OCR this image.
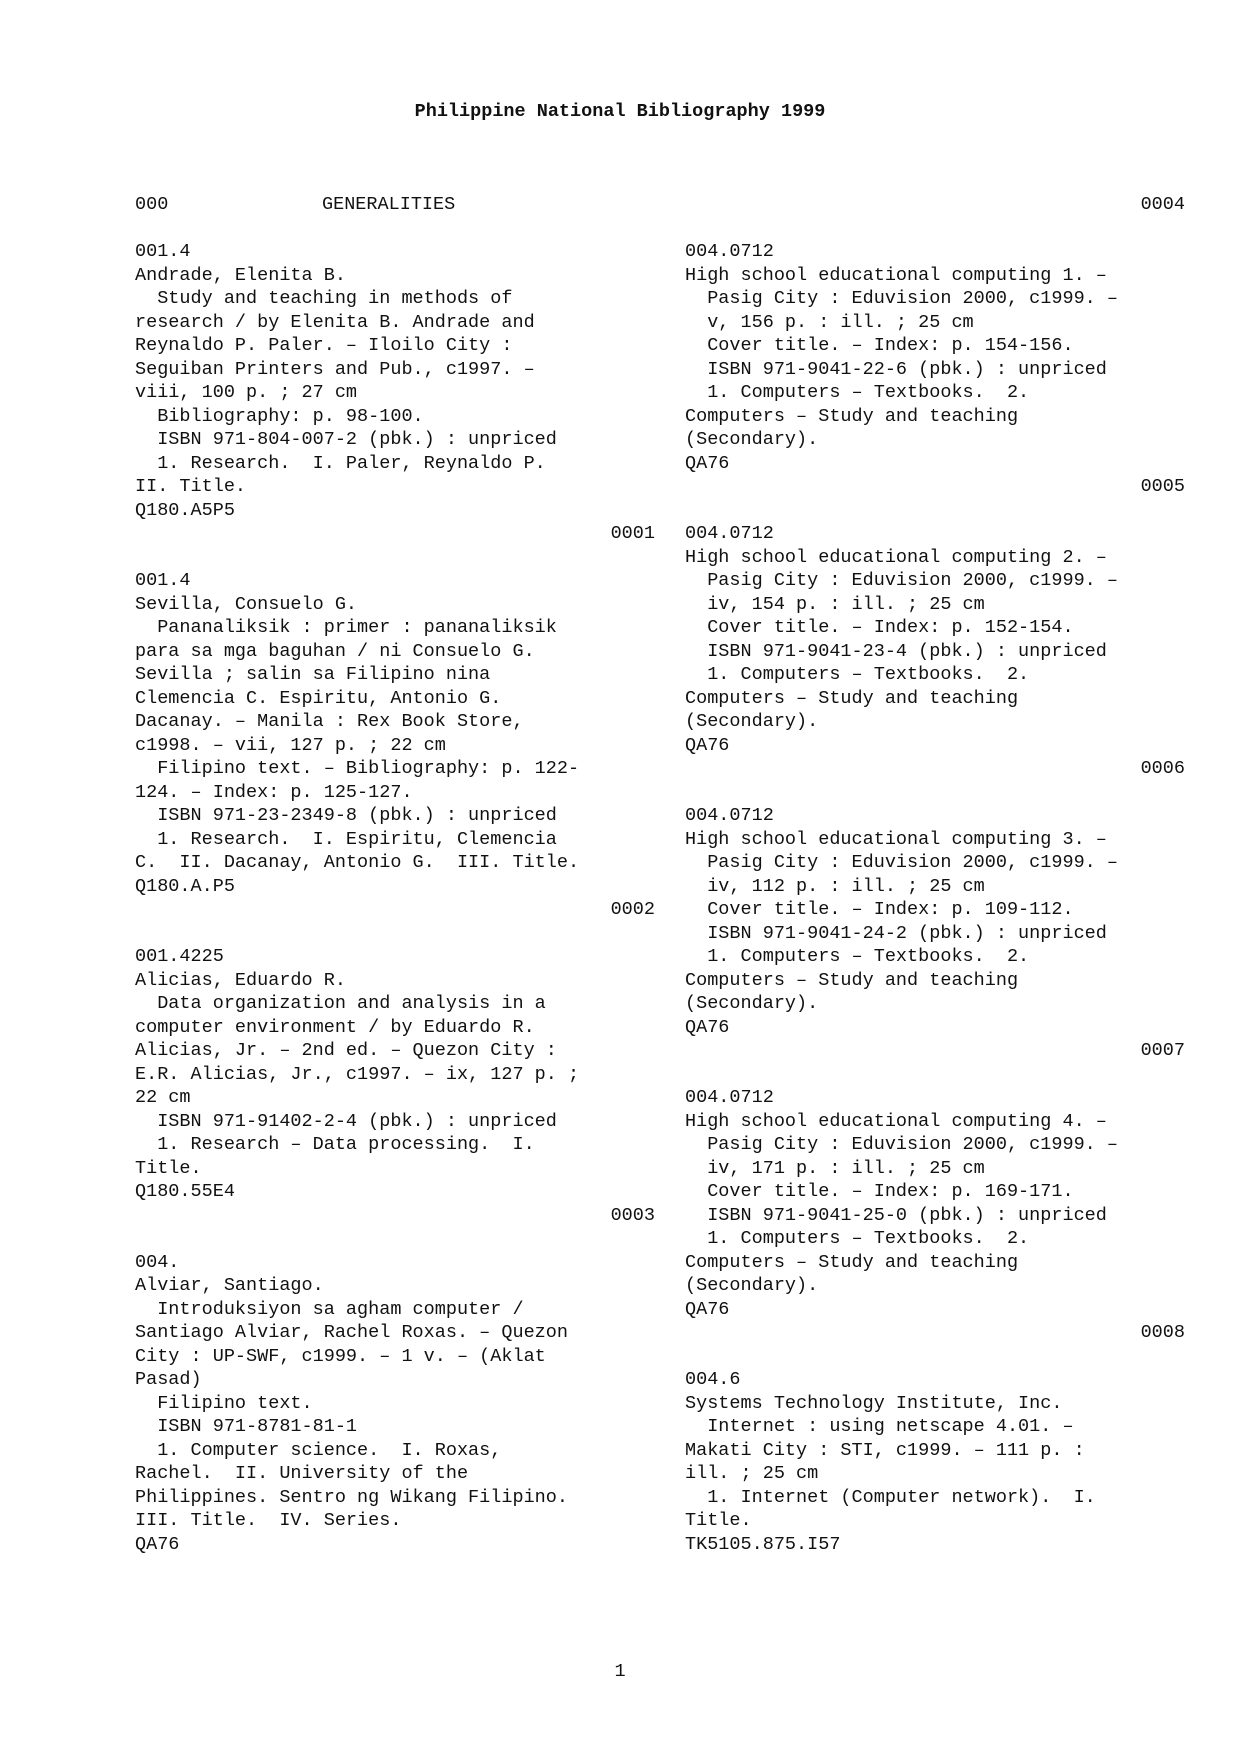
Philippine National Bibliography 1999
000	GENERALITIES	0004
001.4
Andrade, Elenita B.
Study and teaching in methods of
research / by Elenita B. Andrade and
Reynaldo P. Paler. – Iloilo City :
Seguiban Printers and Pub., c1997. –
viii, 100 p. ; 27 cm
Bibliography: p. 98-100.
ISBN 971-804-007-2 (pbk.) : unpriced
1. Research.  I. Paler, Reynaldo P.
II. Title.
Q180.A5P5
0001
001.4
Sevilla, Consuelo G.
Pananaliksik : primer : pananaliksik
para sa mga baguhan / ni Consuelo G.
Sevilla ; salin sa Filipino nina
Clemencia C. Espiritu, Antonio G.
Dacanay. – Manila : Rex Book Store,
c1998. – vii, 127 p. ; 22 cm
Filipino text. – Bibliography: p. 122-
124. – Index: p. 125-127.
ISBN 971-23-2349-8 (pbk.) : unpriced
1. Research.  I. Espiritu, Clemencia
C.  II. Dacanay, Antonio G.  III. Title.
Q180.A.P5
0002
001.4225
Alicias, Eduardo R.
Data organization and analysis in a
computer environment / by Eduardo R.
Alicias, Jr. – 2nd ed. – Quezon City :
E.R. Alicias, Jr., c1997. – ix, 127 p. ;
22 cm
ISBN 971-91402-2-4 (pbk.) : unpriced
1. Research – Data processing.  I.
Title.
Q180.55E4
0003
004.
Alviar, Santiago.
Introduksiyon sa agham computer /
Santiago Alviar, Rachel Roxas. – Quezon
City : UP-SWF, c1999. – 1 v. – (Aklat
Pasad)
Filipino text.
ISBN 971-8781-81-1
1. Computer science.  I. Roxas,
Rachel.  II. University of the
Philippines. Sentro ng Wikang Filipino.
III. Title.  IV. Series.
QA76
004.0712
High school educational computing 1. –
Pasig City : Eduvision 2000, c1999. –
v, 156 p. : ill. ; 25 cm
Cover title. – Index: p. 154-156.
ISBN 971-9041-22-6 (pbk.) : unpriced
1. Computers – Textbooks.  2.
Computers – Study and teaching
(Secondary).
QA76
0005
004.0712
High school educational computing 2. –
Pasig City : Eduvision 2000, c1999. –
iv, 154 p. : ill. ; 25 cm
Cover title. – Index: p. 152-154.
ISBN 971-9041-23-4 (pbk.) : unpriced
1. Computers – Textbooks.  2.
Computers – Study and teaching
(Secondary).
QA76
0006
004.0712
High school educational computing 3. –
Pasig City : Eduvision 2000, c1999. –
iv, 112 p. : ill. ; 25 cm
Cover title. – Index: p. 109-112.
ISBN 971-9041-24-2 (pbk.) : unpriced
1. Computers – Textbooks.  2.
Computers – Study and teaching
(Secondary).
QA76
0007
004.0712
High school educational computing 4. –
Pasig City : Eduvision 2000, c1999. –
iv, 171 p. : ill. ; 25 cm
Cover title. – Index: p. 169-171.
ISBN 971-9041-25-0 (pbk.) : unpriced
1. Computers – Textbooks.  2.
Computers – Study and teaching
(Secondary).
QA76
0008
004.6
Systems Technology Institute, Inc.
Internet : using netscape 4.01. –
Makati City : STI, c1999. – 111 p. :
ill. ; 25 cm
1. Internet (Computer network).  I.
Title.
TK5105.875.I57
1
